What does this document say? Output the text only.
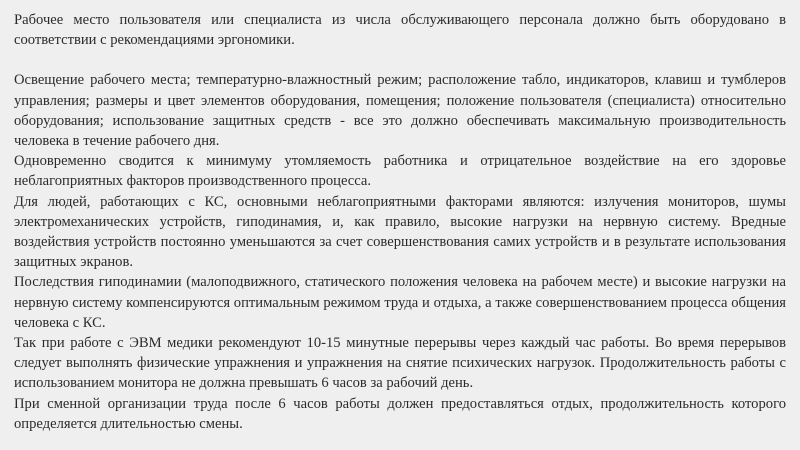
Рабочее место пользователя или специалиста из числа обслуживающего персонала должно быть оборудовано в соответствии с рекомендациями эргономики.

Освещение рабочего места; температурно-влажностный режим; расположение табло, индикаторов, клавиш и тумблеров управления; размеры и цвет элементов оборудования, помещения; положение пользователя (специалиста) относительно оборудования; использование защитных средств - все это должно обеспечивать максимальную производительность человека в течение рабочего дня.

Одновременно сводится к минимуму утомляемость работника и отрицательное воздействие на его здоровье неблагоприятных факторов производственного процесса.

Для людей, работающих с КС, основными неблагоприятными факторами являются: излучения мониторов, шумы электромеханических устройств, гиподинамия, и, как правило, высокие нагрузки на нервную систему. Вредные воздействия устройств постоянно уменьшаются за счет совершенствования самих устройств и в результате использования защитных экранов.

Последствия гиподинамии (малоподвижного, статического положения человека на рабочем месте) и высокие нагрузки на нервную систему компенсируются оптимальным режимом труда и отдыха, а также совершенствованием процесса общения человека с КС.

Так при работе с ЭВМ медики рекомендуют 10-15 минутные перерывы через каждый час работы. Во время перерывов следует выполнять физические упражнения и упражнения на снятие психических нагрузок. Продолжительность работы с использованием монитора не должна превышать 6 часов за рабочий день.

При сменной организации труда после 6 часов работы должен предоставляться отдых, продолжительность которого определяется длительностью смены.
